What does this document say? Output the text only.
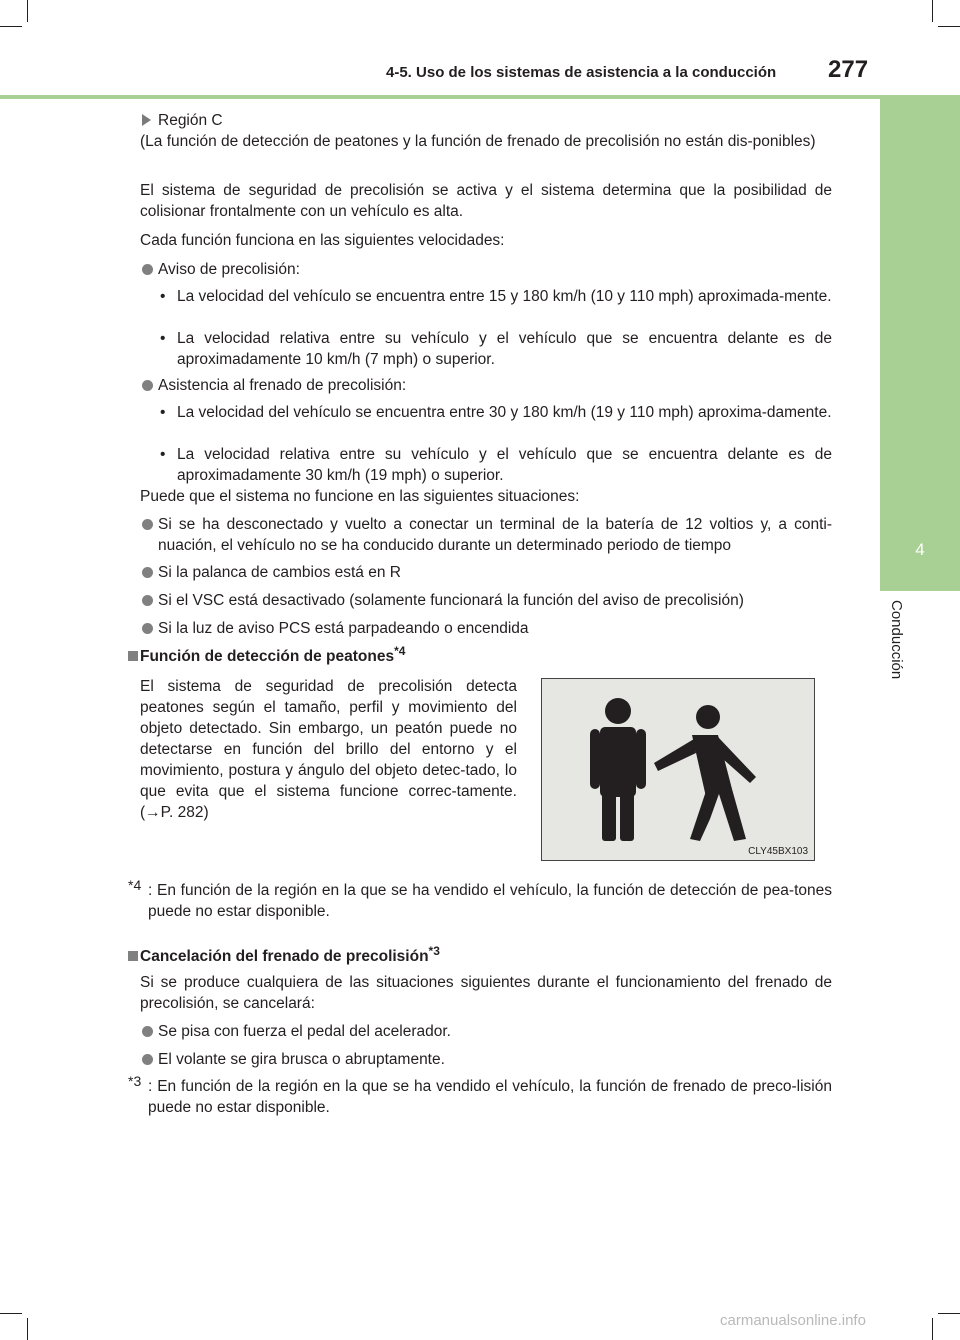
4-5. Uso de los sistemas de asistencia a la conducción 277
4
Conducción
Región C
(La función de detección de peatones y la función de frenado de precolisión no están dis-ponibles)
El sistema de seguridad de precolisión se activa y el sistema determina que la posibilidad de colisionar frontalmente con un vehículo es alta.
Cada función funciona en las siguientes velocidades:
Aviso de precolisión:
• La velocidad del vehículo se encuentra entre 15 y 180 km/h (10 y 110 mph) aproximada-mente.
• La velocidad relativa entre su vehículo y el vehículo que se encuentra delante es de aproximadamente 10 km/h (7 mph) o superior.
Asistencia al frenado de precolisión:
• La velocidad del vehículo se encuentra entre 30 y 180 km/h (19 y 110 mph) aproxima-damente.
• La velocidad relativa entre su vehículo y el vehículo que se encuentra delante es de aproximadamente 30 km/h (19 mph) o superior.
Puede que el sistema no funcione en las siguientes situaciones:
Si se ha desconectado y vuelto a conectar un terminal de la batería de 12 voltios y, a conti-nuación, el vehículo no se ha conducido durante un determinado periodo de tiempo
Si la palanca de cambios está en R
Si el VSC está desactivado (solamente funcionará la función del aviso de precolisión)
Si la luz de aviso PCS está parpadeando o encendida
Función de detección de peatones$^{*4}$
El sistema de seguridad de precolisión detecta peatones según el tamaño, perfil y movimiento del objeto detectado. Sin embargo, un peatón puede no detectarse en función del brillo del entorno y el movimiento, postura y ángulo del objeto detec-tado, lo que evita que el sistema funcione correc-tamente. (→P. 282)
*4 : En función de la región en la que se ha vendido el vehículo, la función de detección de pea-tones puede no estar disponible.
Cancelación del frenado de precolisión$^{*3}$
Si se produce cualquiera de las situaciones siguientes durante el funcionamiento del frenado de precolisión, se cancelará:
Se pisa con fuerza el pedal del acelerador.
El volante se gira brusca o abruptamente.
*3 : En función de la región en la que se ha vendido el vehículo, la función de frenado de preco-lisión puede no estar disponible.
CLY45BX103
carmanualsonline.info
